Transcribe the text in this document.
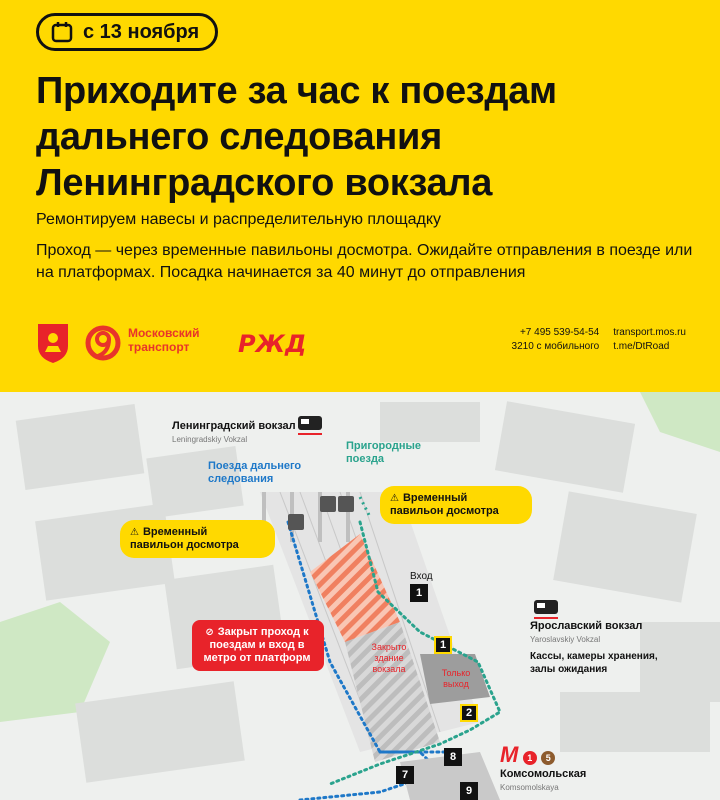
с 13 ноября
Приходите за час к поездам дальнего следования Ленинградского вокзала
Ремонтируем навесы и распределительную площадку
Проход — через временные павильоны досмотра. Ожидайте отправления в поезде или на платформах. Посадка начинается за 40 минут до отправления
Московский
транспорт	РЖД	+7 495 539-54-54
3210 с мобильного
transport.mos.ru
t.me/DtRoad
Ленинградский вокзал
Leningradskiy Vokzal
Пригородные поезда
Поезда дальнего следования
⚠ Временный павильон досмотра
⚠ Временный павильон досмотра
⊘ Закрыт проход к поездам и вход в метро от платформ
Закрыто здание вокзала	Только выход
Вход
1
1
2
7
8
9
Ярославский вокзал
Yaroslavskiy Vokzal
Кассы, камеры хранения, залы ожидания
М 1 5
Комсомольская
Komsomolskaya
